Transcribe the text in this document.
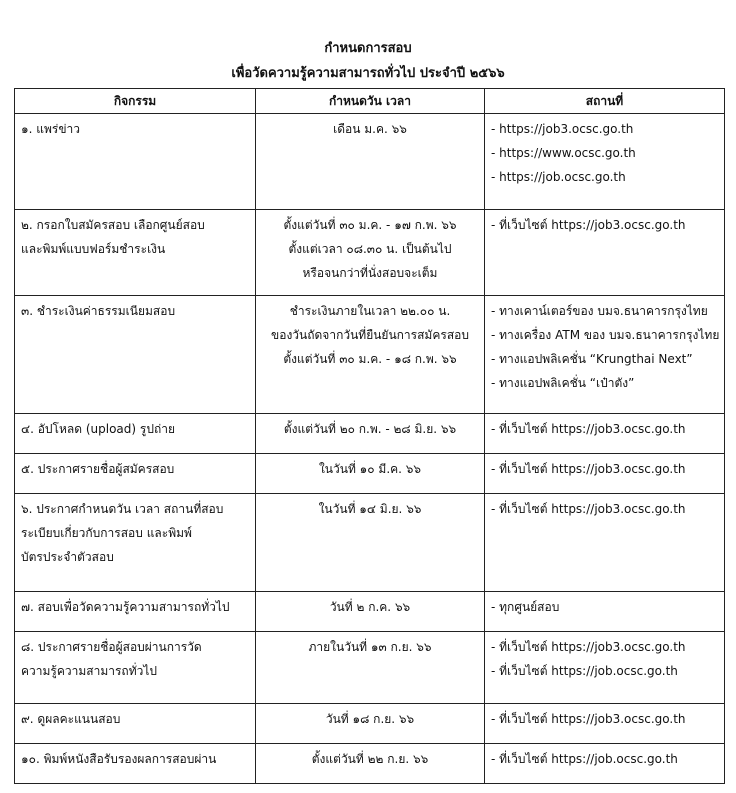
กำหนดการสอบ
เพื่อวัดความรู้ความสามารถทั่วไป ประจำปี ๒๕๖๖
กิจกรรม	กำหนดวัน เวลา	สถานที่

๑. แพร่ข่าว	เดือน ม.ค. ๖๖	- https://job3.ocsc.go.th
- https://www.ocsc.go.th
- https://job.ocsc.go.th

๒. กรอกใบสมัครสอบ เลือกศูนย์สอบ
และพิมพ์แบบฟอร์มชำระเงิน	ตั้งแต่วันที่ ๓๐ ม.ค. - ๑๗ ก.พ. ๖๖
ตั้งแต่เวลา ๐๘.๓๐ น. เป็นต้นไป
หรือจนกว่าที่นั่งสอบจะเต็ม	- ที่เว็บไซต์ https://job3.ocsc.go.th

๓. ชำระเงินค่าธรรมเนียมสอบ	ชำระเงินภายในเวลา ๒๒.๐๐ น.
ของวันถัดจากวันที่ยืนยันการสมัครสอบ
ตั้งแต่วันที่ ๓๐ ม.ค. - ๑๘ ก.พ. ๖๖	- ทางเคาน์เตอร์ของ บมจ.ธนาคารกรุงไทย
- ทางเครื่อง ATM ของ บมจ.ธนาคารกรุงไทย
- ทางแอปพลิเคชั่น “Krungthai Next”
- ทางแอปพลิเคชั่น “เป๋าตัง”

๔. อัปโหลด (upload) รูปถ่าย	ตั้งแต่วันที่ ๒๐ ก.พ. - ๒๘ มิ.ย. ๖๖	- ที่เว็บไซต์ https://job3.ocsc.go.th

๕. ประกาศรายชื่อผู้สมัครสอบ	ในวันที่ ๑๐ มี.ค. ๖๖	- ที่เว็บไซต์ https://job3.ocsc.go.th

๖. ประกาศกำหนดวัน เวลา สถานที่สอบ
ระเบียบเกี่ยวกับการสอบ และพิมพ์
บัตรประจำตัวสอบ	ในวันที่ ๑๔ มิ.ย. ๖๖	- ที่เว็บไซต์ https://job3.ocsc.go.th

๗. สอบเพื่อวัดความรู้ความสามารถทั่วไป	วันที่ ๒ ก.ค. ๖๖	- ทุกศูนย์สอบ

๘. ประกาศรายชื่อผู้สอบผ่านการวัด
ความรู้ความสามารถทั่วไป	ภายในวันที่ ๑๓ ก.ย. ๖๖	- ที่เว็บไซต์ https://job3.ocsc.go.th
- ที่เว็บไซต์ https://job.ocsc.go.th

๙. ดูผลคะแนนสอบ	วันที่ ๑๘ ก.ย. ๖๖	- ที่เว็บไซต์ https://job3.ocsc.go.th

๑๐. พิมพ์หนังสือรับรองผลการสอบผ่าน	ตั้งแต่วันที่ ๒๒ ก.ย. ๖๖	- ที่เว็บไซต์ https://job.ocsc.go.th
